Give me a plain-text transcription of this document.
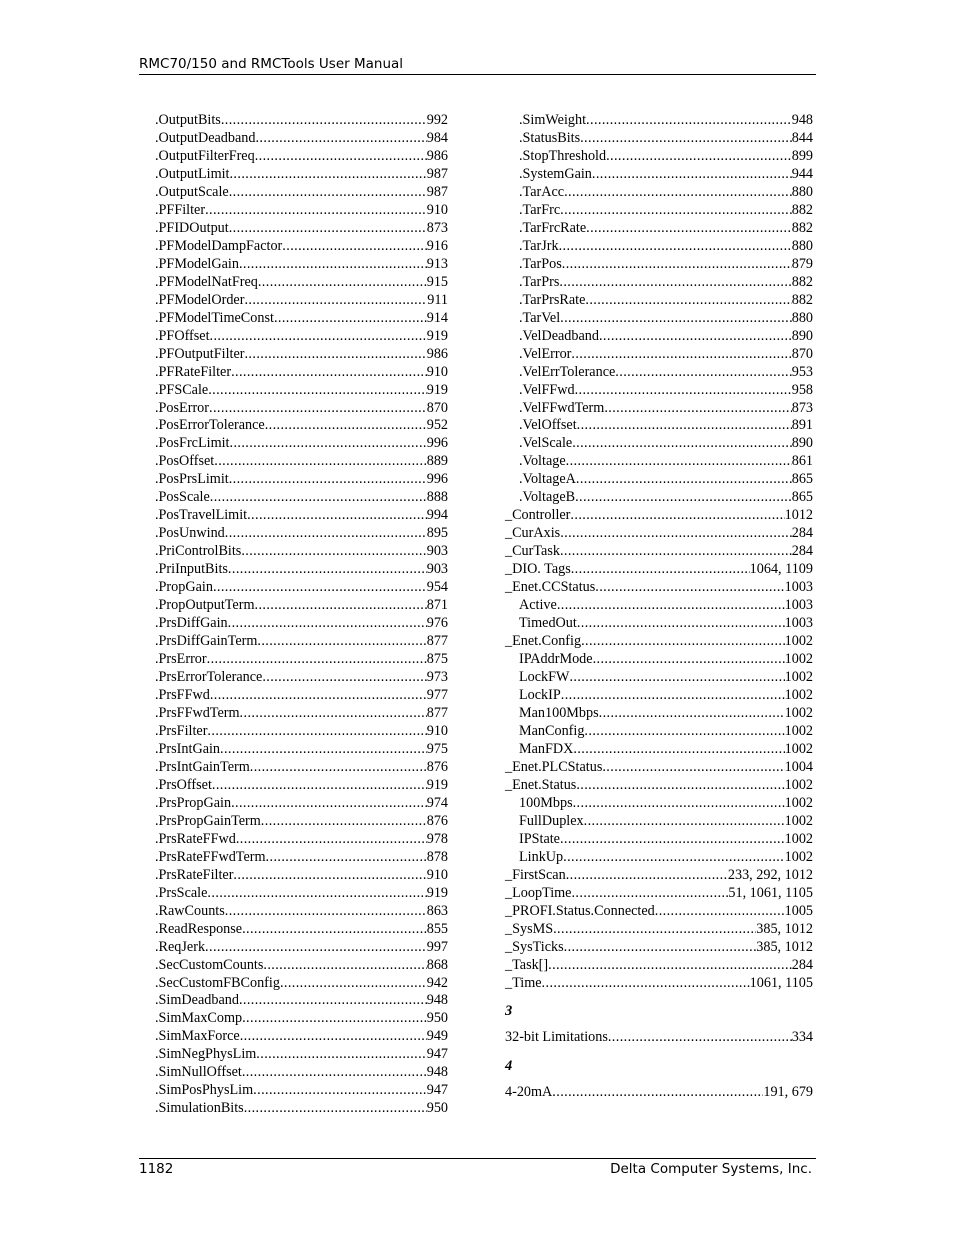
RMC70/150 and RMCTools User Manual
.OutputBits .....	992
.OutputDeadband .....	984
.OutputFilterFreq .....	986
.OutputLimit .....	987
.OutputScale .....	987
.PFFilter .....	910
.PFIDOutput .....	873
.PFModelDampFactor .....	916
.PFModelGain .....	913
.PFModelNatFreq .....	915
.PFModelOrder .....	911
.PFModelTimeConst .....	914
.PFOffset .....	919
.PFOutputFilter .....	986
.PFRateFilter .....	910
.PFSCale .....	919
.PosError .....	870
.PosErrorTolerance .....	952
.PosFrcLimit .....	996
.PosOffset .....	889
.PosPrsLimit .....	996
.PosScale .....	888
.PosTravelLimit .....	994
.PosUnwind .....	895
.PriControlBits .....	903
.PriInputBits .....	903
.PropGain .....	954
.PropOutputTerm .....	871
.PrsDiffGain .....	976
.PrsDiffGainTerm .....	877
.PrsError .....	875
.PrsErrorTolerance .....	973
.PrsFFwd .....	977
.PrsFFwdTerm .....	877
.PrsFilter .....	910
.PrsIntGain .....	975
.PrsIntGainTerm .....	876
.PrsOffset .....	919
.PrsPropGain .....	974
.PrsPropGainTerm .....	876
.PrsRateFFwd .....	978
.PrsRateFFwdTerm .....	878
.PrsRateFilter .....	910
.PrsScale .....	919
.RawCounts .....	863
.ReadResponse .....	855
.ReqJerk .....	997
.SecCustomCounts .....	868
.SecCustomFBConfig .....	942
.SimDeadband .....	948
.SimMaxComp .....	950
.SimMaxForce .....	949
.SimNegPhysLim .....	947
.SimNullOffset .....	948
.SimPosPhysLim .....	947
.SimulationBits .....	950
.SimWeight .....	948
.StatusBits .....	844
.StopThreshold .....	899
.SystemGain .....	944
.TarAcc .....	880
.TarFrc .....	882
.TarFrcRate .....	882
.TarJrk .....	880
.TarPos .....	879
.TarPrs .....	882
.TarPrsRate .....	882
.TarVel .....	880
.VelDeadband .....	890
.VelError .....	870
.VelErrTolerance .....	953
.VelFFwd .....	958
.VelFFwdTerm .....	873
.VelOffset .....	891
.VelScale .....	890
.Voltage .....	861
.VoltageA .....	865
.VoltageB .....	865
_Controller .....	1012
_CurAxis .....	284
_CurTask .....	284
_DIO. Tags .....	1064, 1109
_Enet.CCStatus .....	1003
Active .....	1003
TimedOut .....	1003
_Enet.Config .....	1002
IPAddrMode .....	1002
LockFW .....	1002
LockIP .....	1002
Man100Mbps .....	1002
ManConfig .....	1002
ManFDX .....	1002
_Enet.PLCStatus .....	1004
_Enet.Status .....	1002
100Mbps .....	1002
FullDuplex .....	1002
IPState .....	1002
LinkUp .....	1002
_FirstScan .....	233, 292, 1012
_LoopTime .....	51, 1061, 1105
_PROFI.Status.Connected .....	1005
_SysMS .....	385, 1012
_SysTicks .....	385, 1012
_Task[] .....	284
_Time .....	1061, 1105
3
32-bit Limitations .....	334
4
4-20mA .....	191, 679
1182	Delta Computer Systems, Inc.
